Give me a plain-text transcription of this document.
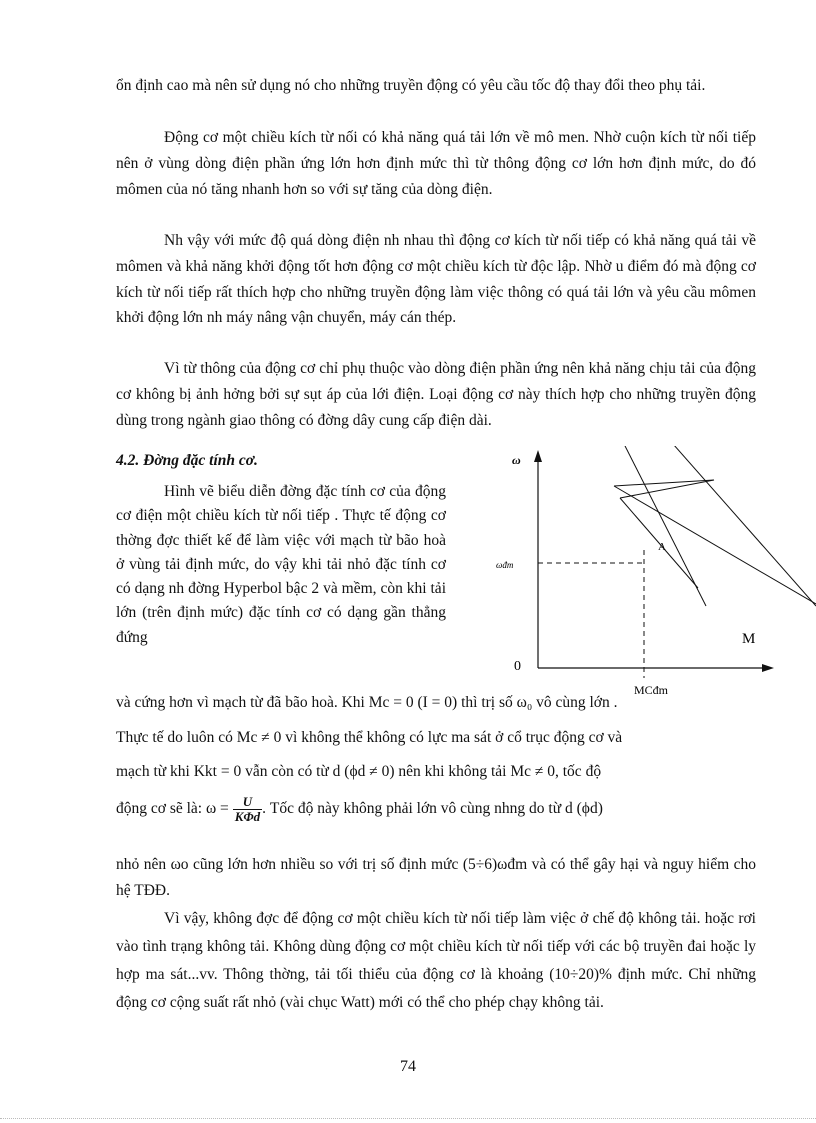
ổn định cao mà nên sử dụng nó cho những truyền động có yêu cầu tốc độ thay đổi theo phụ tải.
Động cơ một chiều kích từ nối có khả năng quá tải lớn về mô men. Nhờ cuộn kích từ nối tiếp nên ở vùng dòng điện phần ứng lớn hơn định mức thì từ thông động cơ lớn hơn định mức, do đó mômen của nó tăng nhanh hơn so với sự tăng của dòng điện.
Nh vậy với mức độ quá dòng điện nh nhau thì động cơ kích từ nối tiếp có khả năng quá tải về mômen và khả năng khởi động tốt hơn động cơ một chiều kích từ độc lập. Nhờ u điểm đó mà động cơ kích từ nối tiếp rất thích hợp cho những truyền động làm việc thông có quá tải lớn và yêu cầu mômen khởi động lớn nh máy nâng vận chuyển, máy cán thép.
Vì từ thông của động cơ chỉ phụ thuộc vào dòng điện phần ứng nên khả năng chịu tải của động cơ không bị ảnh hởng bởi sự sụt áp của lới điện. Loại động cơ này thích hợp cho những truyền động dùng trong ngành giao thông có đờng dây cung cấp điện dài.
4.2. Đờng đặc tính cơ.
Hình vẽ biểu diễn đờng đặc tính cơ của động cơ điện một chiều kích từ nối tiếp . Thực tế động cơ thờng đợc thiết kế để làm việc với mạch từ bão hoà ở vùng tải định mức, do vậy khi tải nhỏ đặc tính cơ có dạng nh đờng Hyperbol bậc 2 và mềm, còn khi tải lớn (trên định mức) đặc tính cơ có dạng gần thẳng đứng
ω
M
0
ωđm
MCđm
A
và cứng hơn vì mạch từ đã bão hoà. Khi Mc = 0 (I = 0) thì trị số ω₀ vô cùng lớn .
Thực tế do luôn có Mc ≠ 0 vì không thể không có lực ma sát ở cổ trục động cơ và
mạch từ khi Kkt = 0 vẫn còn có từ d (ϕd ≠ 0) nên khi không tải Mc ≠ 0, tốc độ
động cơ sẽ là: $\omega = \frac{U}{\text{KΦd}}$ . Tốc độ này không phải lớn vô cùng nhng do từ d (ϕd)
nhỏ nên ωo cũng lớn hơn nhiều so với trị số định mức (5÷6)ωđm và có thể gây hại và nguy hiểm cho hệ TĐĐ.
Vì vậy, không đợc để động cơ một chiều kích từ nối tiếp làm việc ở chế độ không tải. hoặc rơi vào tình trạng không tải. Không dùng động cơ một chiều kích từ nối tiếp với các bộ truyền đai hoặc ly hợp ma sát...vv. Thông thờng, tải tối thiểu của động cơ là khoảng (10÷20)% định mức. Chỉ những động cơ cộng suất rất nhỏ (vài chục Watt) mới có thể cho phép chạy không tải.
74
